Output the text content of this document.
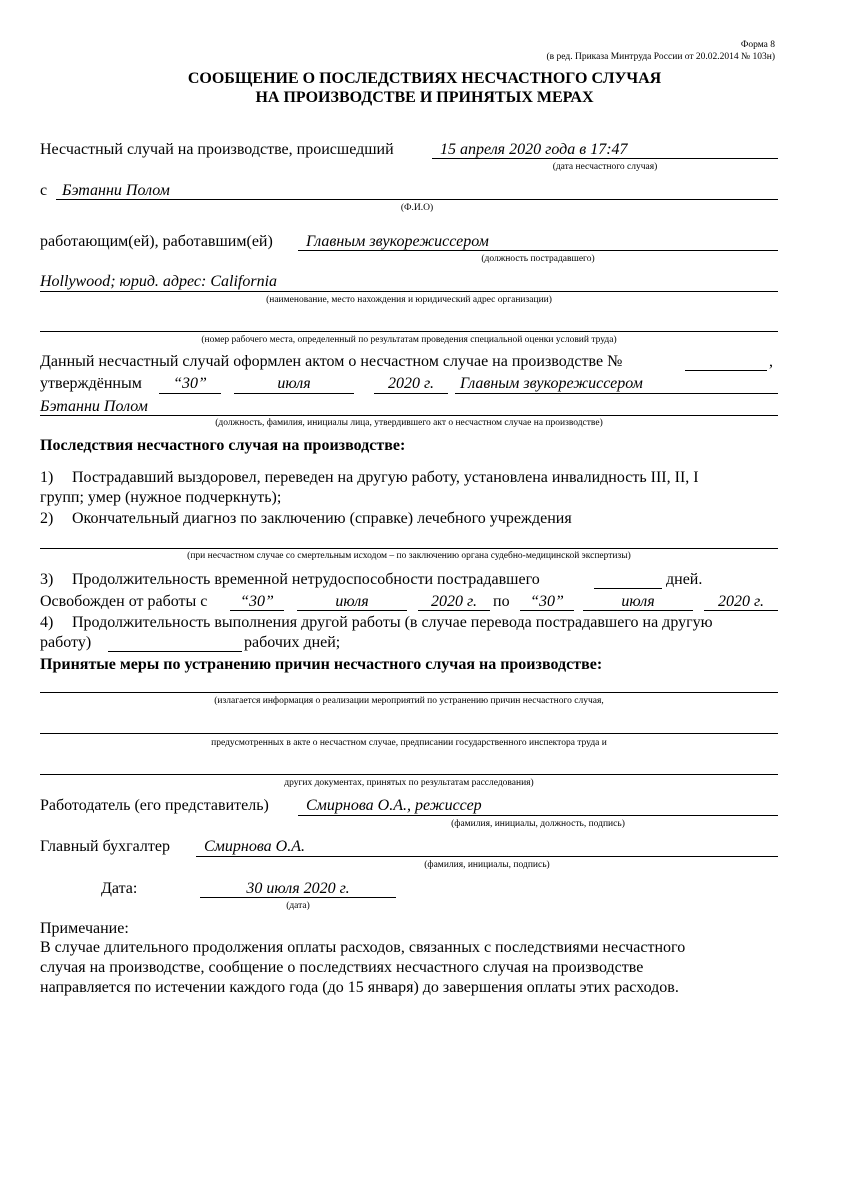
Форма 8
(в ред. Приказа Минтруда России от 20.02.2014 № 103н)
СООБЩЕНИЕ О ПОСЛЕДСТВИЯХ НЕСЧАСТНОГО СЛУЧАЯ
НА ПРОИЗВОДСТВЕ И ПРИНЯТЫХ МЕРАХ
Несчастный случай на производстве, происшедший	15 апреля 2020 года в 17:47
(дата несчастного случая)
с Бэтанни Полом
(Ф.И.О)
работающим(ей), работавшим(ей) Главным звукорежиссером
(должность пострадавшего)
Hollywood; юрид. адрес: California
(наименование, место нахождения и юридический адрес организации)
(номер рабочего места, определенный по результатам проведения специальной оценки условий труда)
Данный несчастный случай оформлен актом о несчастном случае на производстве №	,
утверждённым	“30”	июля	2020 г.	Главным звукорежиссером
Бэтанни Полом
(должность, фамилия, инициалы лица, утвердившего акт о несчастном случае на производстве)
Последствия несчастного случая на производстве:
1) Пострадавший выздоровел, переведен на другую работу, установлена инвалидность III, II, I
групп; умер (нужное подчеркнуть);
2) Окончательный диагноз по заключению (справке) лечебного учреждения
(при несчастном случае со смертельным исходом – по заключению органа судебно-медицинской экспертизы)
3) Продолжительность временной нетрудоспособности пострадавшего	дней.
Освобожден от работы с	“30”	июля	2020 г. по	“30”	июля	2020 г.
4) Продолжительность выполнения другой работы (в случае перевода пострадавшего на другую
работу)	рабочих дней;
Принятые меры по устранению причин несчастного случая на производстве:
(излагается информация о реализации мероприятий по устранению причин несчастного случая,
предусмотренных в акте о несчастном случае, предписании государственного инспектора труда и
других документах, принятых по результатам расследования)
Работодатель (его представитель) Смирнова О.А., режиссер
(фамилия, инициалы, должность, подпись)
Главный бухгалтер Смирнова О.А.
(фамилия, инициалы, подпись)
Дата:	30 июля 2020 г.
(дата)
Примечание:
В случае длительного продолжения оплаты расходов, связанных с последствиями несчастного
случая на производстве, сообщение о последствиях несчастного случая на производстве
направляется по истечении каждого года (до 15 января) до завершения оплаты этих расходов.
